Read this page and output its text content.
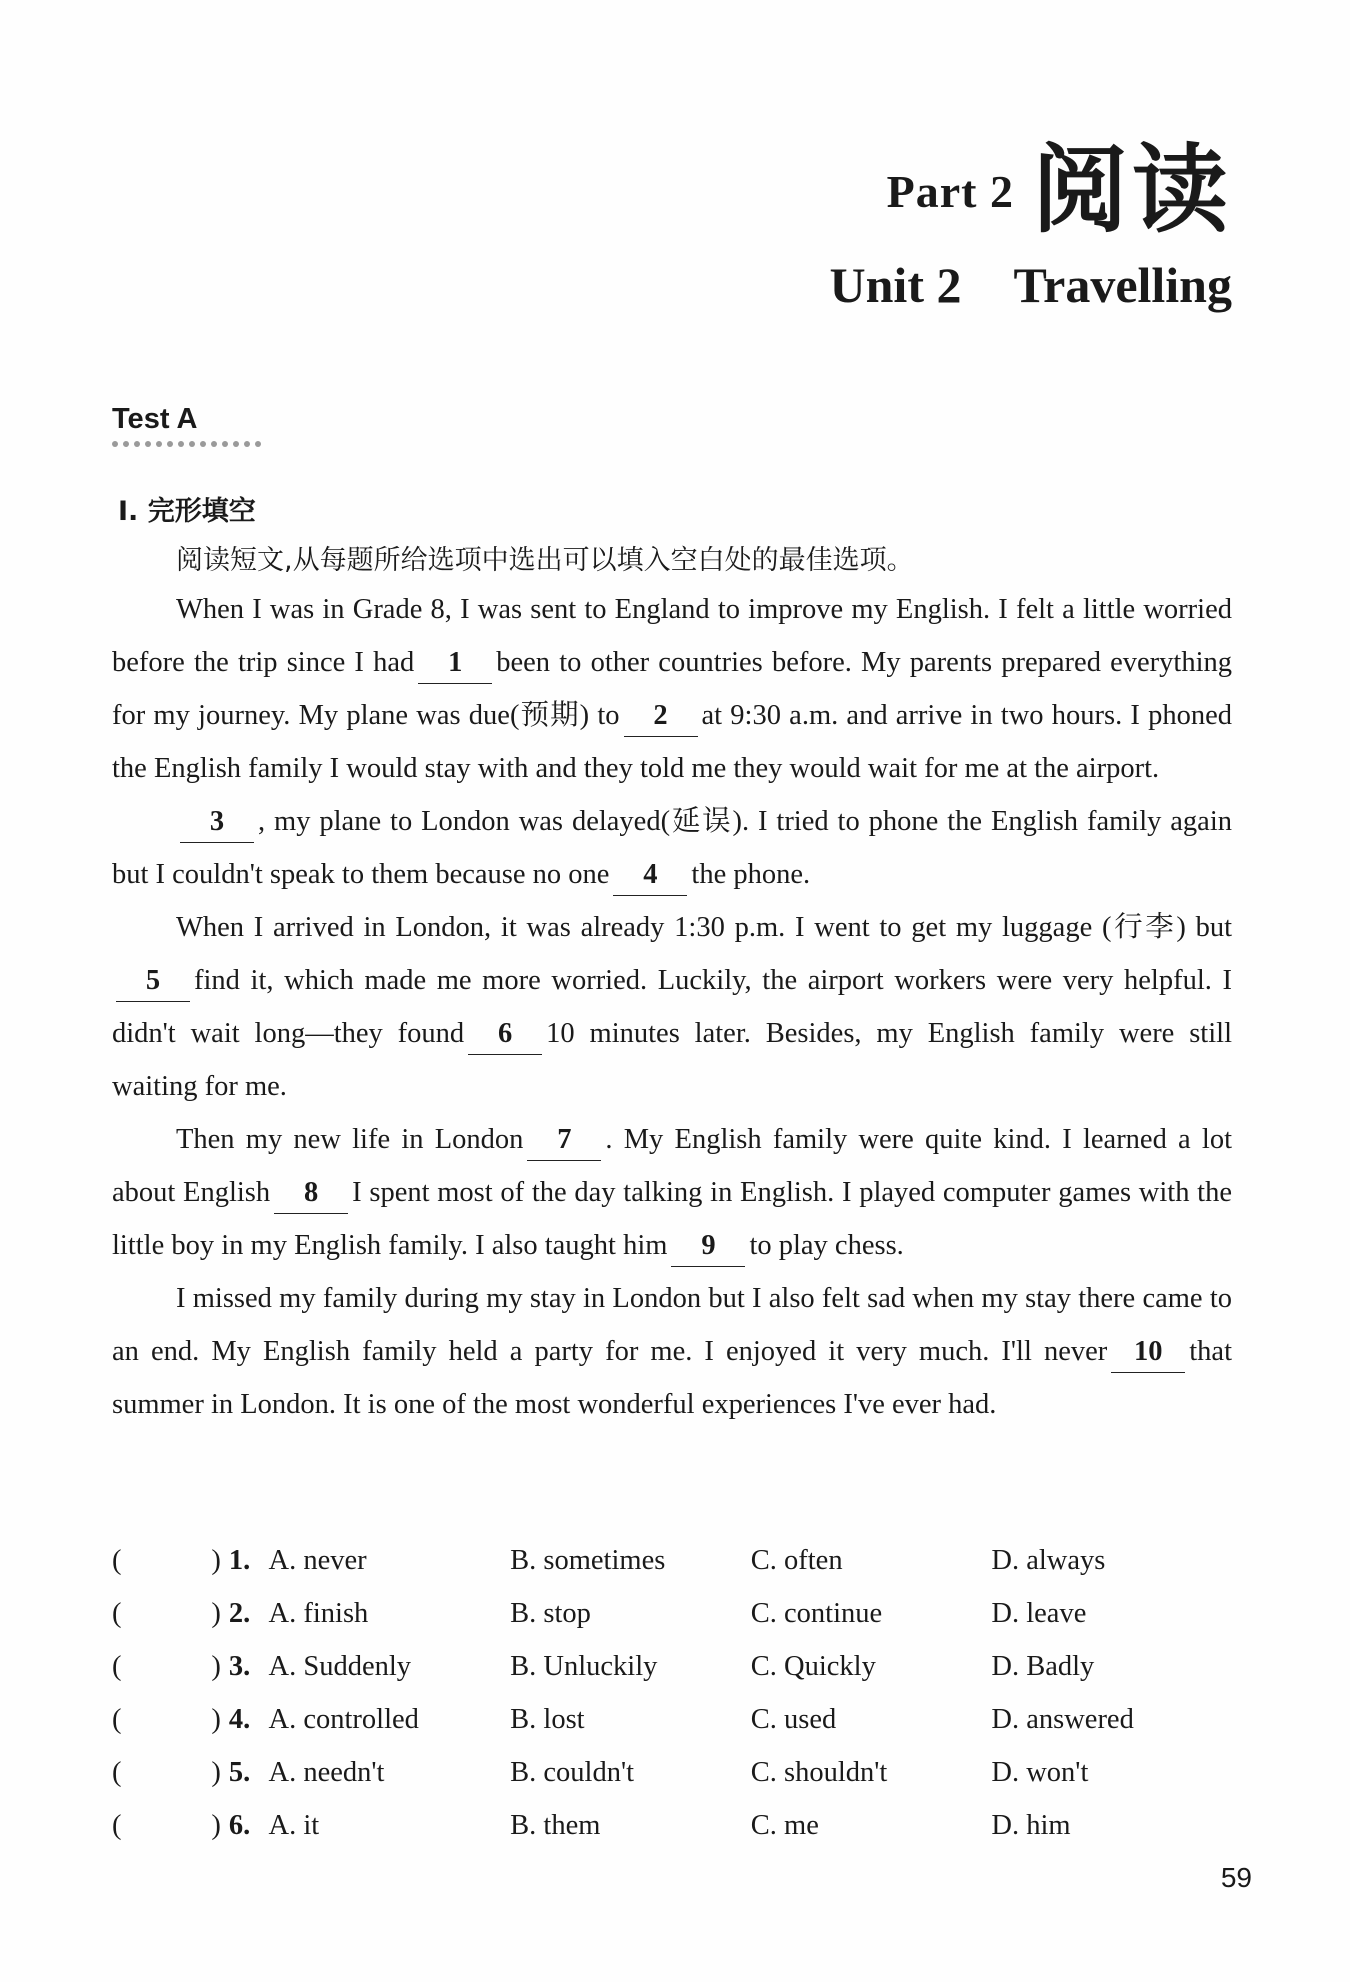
Part 2 阅读
Unit 2 Travelling
Test A
Ⅰ. 完形填空
阅读短文,从每题所给选项中选出可以填入空白处的最佳选项。

When I was in Grade 8, I was sent to England to improve my English. I felt a little worried before the trip since I had 1 been to other countries before. My parents prepared everything for my journey. My plane was due(预期) to 2 at 9:30 a.m. and arrive in two hours. I phoned the English family I would stay with and they told me they would wait for me at the airport.

3 , my plane to London was delayed(延误). I tried to phone the English family again but I couldn't speak to them because no one 4 the phone.

When I arrived in London, it was already 1:30 p.m. I went to get my luggage (行李) but5 find it, which made me more worried. Luckily, the airport workers were very helpful. I didn't wait long—they found 6 10 minutes later. Besides, my English family were still waiting for me.

Then my new life in London 7 . My English family were quite kind. I learned a lot about English 8 I spent most of the day talking in English. I played computer games with the little boy in my English family. I also taught him 9 to play chess.

I missed my family during my stay in London but I also felt sad when my stay there came to an end. My English family held a party for me. I enjoyed it very much. I'll never 10 that summer in London. It is one of the most wonderful experiences I've ever had.

(	) 1. A. never	B. sometimes	C. often	D. always
(	) 2. A. finish	B. stop	C. continue	D. leave
(	) 3. A. Suddenly	B. Unluckily	C. Quickly	D. Badly
(	) 4. A. controlled	B. lost	C. used	D. answered
(	) 5. A. needn't	B. couldn't	C. shouldn't	D. won't
(	) 6. A. it	B. them	C. me	D. him
59
